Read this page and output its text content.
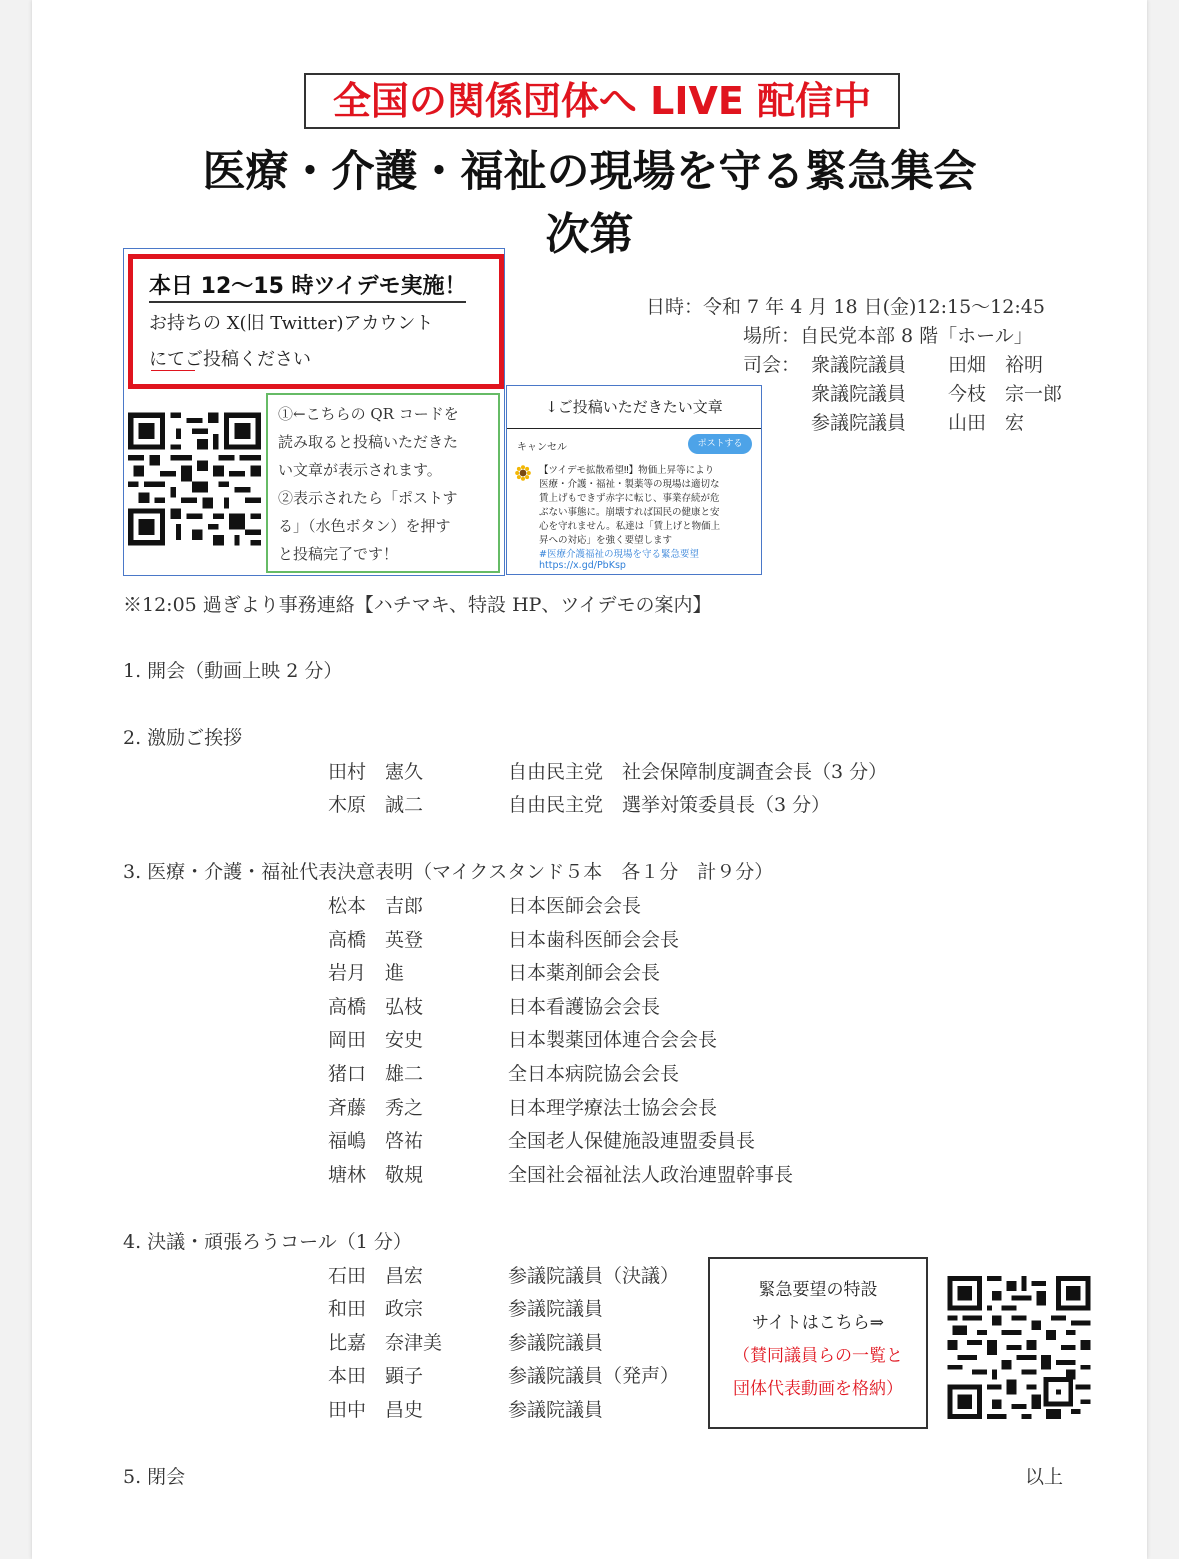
全国の関係団体へ LIVE 配信中
医療・介護・福祉の現場を守る緊急集会
次第
本日 12～15 時ツイデモ実施！
お持ちの X(旧 Twitter)アカウント
にてご投稿ください
①←こちらの QR コードを
読み取ると投稿いただきた
い文章が表示されます。
②表示されたら「ポストす
る」（水色ボタン）を押す
と投稿完了です！
↓ご投稿いただきたい文章
キャンセル	ポストする
【ツイデモ拡散希望‼】物価上昇等により
医療・介護・福祉・製薬等の現場は適切な
賃上げもできず赤字に転じ、事業存続が危
ぶない事態に。崩壊すれば国民の健康と安
心を守れません。私達は「賃上げと物価上
昇への対応」を強く要望します
#医療介護福祉の現場を守る緊急要望
https://x.gd/PbKsp
日時：令和 7 年 4 月 18 日(金)12:15～12:45
場所：自民党本部 8 階「ホール」
司会： 衆議院議員 田畑　裕明
衆議院議員 今枝　宗一郎
参議院議員 山田　宏
※12:05 過ぎより事務連絡【ハチマキ、特設 HP、ツイデモの案内】
1. 開会（動画上映 2 分）
2. 激励ご挨拶
田村　憲久	自由民主党　社会保障制度調査会長（3 分）
木原　誠二	自由民主党　選挙対策委員長（3 分）
3. 医療・介護・福祉代表決意表明（マイクスタンド５本　各１分　計９分）
松本　吉郎	日本医師会会長
高橋　英登	日本歯科医師会会長
岩月　進	日本薬剤師会会長
高橋　弘枝	日本看護協会会長
岡田　安史	日本製薬団体連合会会長
猪口　雄二	全日本病院協会会長
斉藤　秀之	日本理学療法士協会会長
福嶋　啓祐	全国老人保健施設連盟委員長
塘林　敬規	全国社会福祉法人政治連盟幹事長
4. 決議・頑張ろうコール（1 分）
石田　昌宏	参議院議員（決議）
和田　政宗	参議院議員
比嘉　奈津美	参議院議員
本田　顕子	参議院議員（発声）
田中　昌史	参議院議員
緊急要望の特設
サイトはこちら⇒
（賛同議員らの一覧と
団体代表動画を格納）
5. 閉会	以上
